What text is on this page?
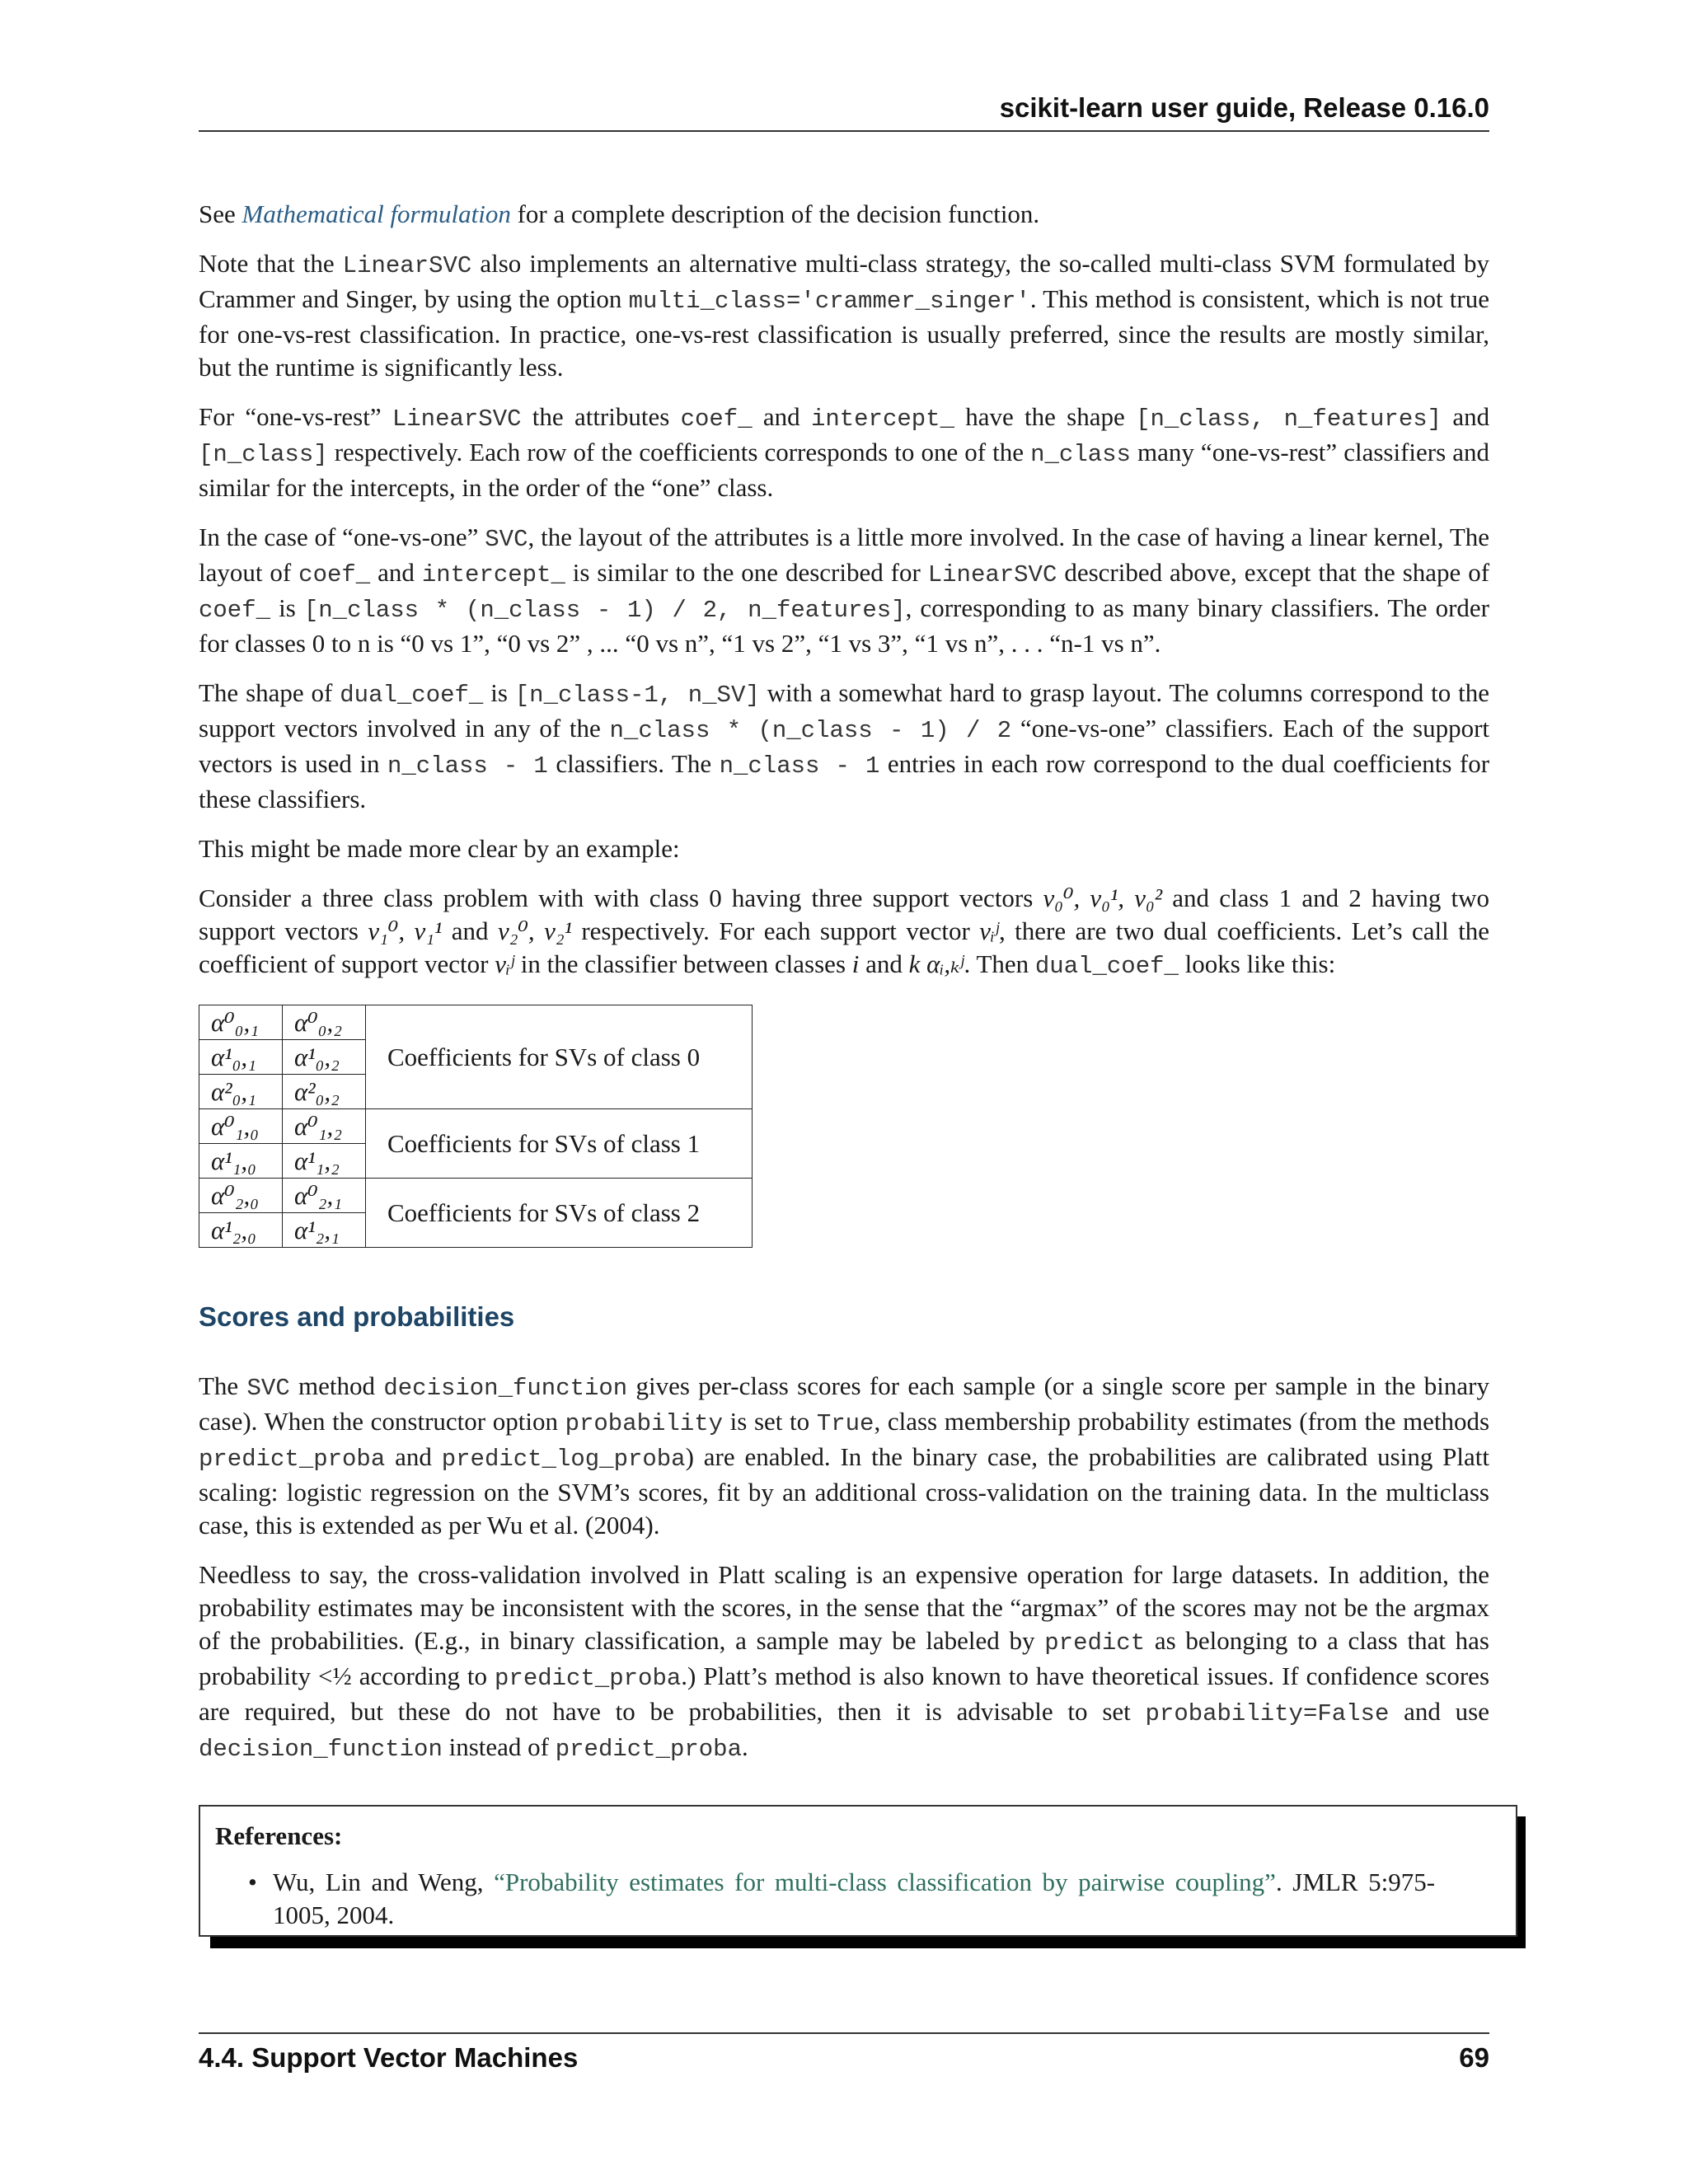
scikit-learn user guide, Release 0.16.0

See Mathematical formulation for a complete description of the decision function.

Note that the LinearSVC also implements an alternative multi-class strategy, the so-called multi-class SVM formulated by Crammer and Singer, by using the option multi_class='crammer_singer'. This method is consistent, which is not true for one-vs-rest classification. In practice, one-vs-rest classification is usually preferred, since the results are mostly similar, but the runtime is significantly less.

For “one-vs-rest” LinearSVC the attributes coef_ and intercept_ have the shape [n_class, n_features] and [n_class] respectively. Each row of the coefficients corresponds to one of the n_class many “one-vs-rest” classifiers and similar for the intercepts, in the order of the “one” class.

In the case of “one-vs-one” SVC, the layout of the attributes is a little more involved. In the case of having a linear kernel, The layout of coef_ and intercept_ is similar to the one described for LinearSVC described above, except that the shape of coef_ is [n_class * (n_class - 1) / 2, n_features], corresponding to as many binary classifiers. The order for classes 0 to n is “0 vs 1”, “0 vs 2” , ... “0 vs n”, “1 vs 2”, “1 vs 3”, “1 vs n”, . . . “n-1 vs n”.

The shape of dual_coef_ is [n_class-1, n_SV] with a somewhat hard to grasp layout. The columns correspond to the support vectors involved in any of the n_class * (n_class - 1) / 2 “one-vs-one” classifiers. Each of the support vectors is used in n_class - 1 classifiers. The n_class - 1 entries in each row correspond to the dual coefficients for these classifiers.

This might be made more clear by an example:

Consider a three class problem with with class 0 having three support vectors v₀⁰, v₀¹, v₀² and class 1 and 2 having two support vectors v₁⁰, v₁¹ and v₂⁰, v₂¹ respectively. For each support vector vᵢʲ, there are two dual coefficients. Let’s call the coefficient of support vector vᵢʲ in the classifier between classes i and k αᵢ,ₖʲ. Then dual_coef_ looks like this:

α⁰₀,₁	α⁰₀,₂	Coefficients for SVs of class 0
α¹₀,₁	α¹₀,₂	
α²₀,₁	α²₀,₂	
α⁰₁,₀	α⁰₁,₂	Coefficients for SVs of class 1
α¹₁,₀	α¹₁,₂	
α⁰₂,₀	α⁰₂,₁	Coefficients for SVs of class 2
α¹₂,₀	α¹₂,₁	
Scores and probabilities

The SVC method decision_function gives per-class scores for each sample (or a single score per sample in the binary case). When the constructor option probability is set to True, class membership probability estimates (from the methods predict_proba and predict_log_proba) are enabled. In the binary case, the probabilities are calibrated using Platt scaling: logistic regression on the SVM’s scores, fit by an additional cross-validation on the training data. In the multiclass case, this is extended as per Wu et al. (2004).

Needless to say, the cross-validation involved in Platt scaling is an expensive operation for large datasets. In addition, the probability estimates may be inconsistent with the scores, in the sense that the “argmax” of the scores may not be the argmax of the probabilities. (E.g., in binary classification, a sample may be labeled by predict as belonging to a class that has probability <½ according to predict_proba.) Platt’s method is also known to have theoretical issues. If confidence scores are required, but these do not have to be probabilities, then it is advisable to set probability=False and use decision_function instead of predict_proba.

References:
• Wu, Lin and Weng, “Probability estimates for multi-class classification by pairwise coupling”. JMLR 5:975-1005, 2004.
4.4. Support Vector Machines	69
